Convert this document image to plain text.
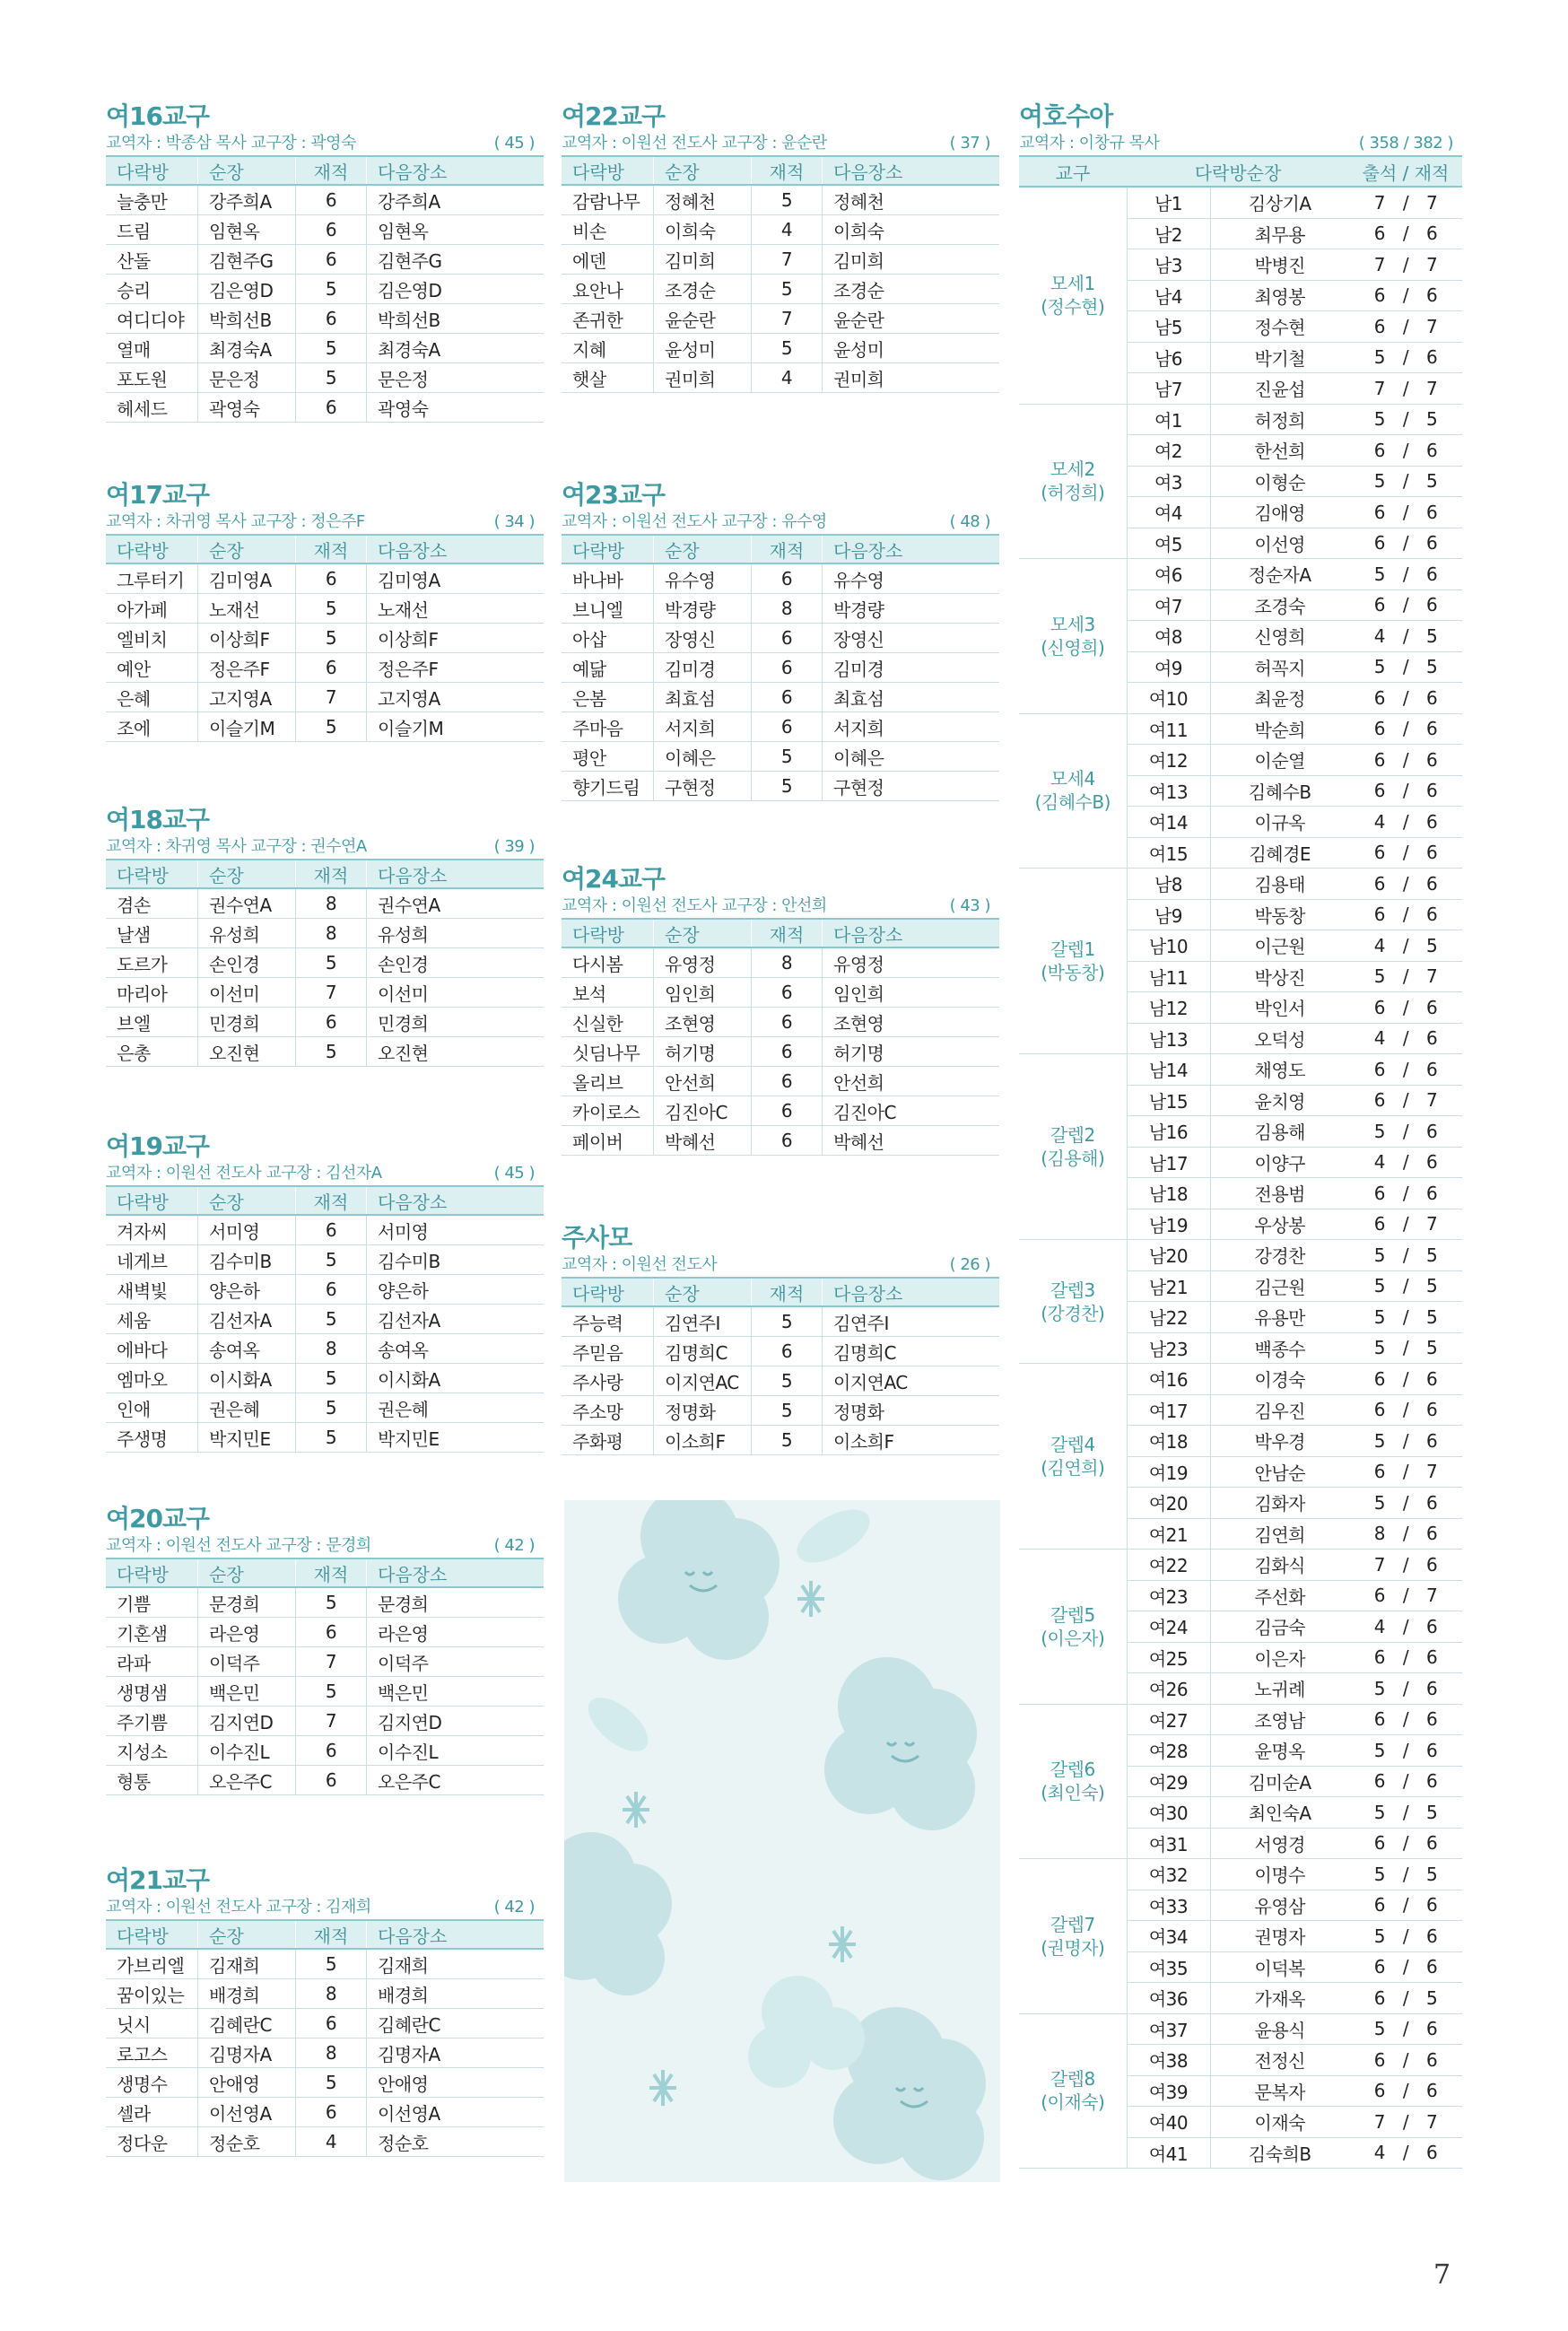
여16교구
교역자 : 박종삼 목사 교구장 : 곽영숙	( 45 )
다락방	순장	재적	다음장소
늘충만	강주희A	6	강주희A
드림	임현옥	6	임현옥
산돌	김현주G	6	김현주G
승리	김은영D	5	김은영D
여디디야	박희선B	6	박희선B
열매	최경숙A	5	최경숙A
포도원	문은정	5	문은정
헤세드	곽영숙	6	곽영숙
여17교구
교역자 : 차귀영 목사 교구장 : 정은주F	( 34 )
다락방	순장	재적	다음장소
그루터기	김미영A	6	김미영A
아가페	노재선	5	노재선
엘비치	이상희F	5	이상희F
예안	정은주F	6	정은주F
은혜	고지영A	7	고지영A
조에	이슬기M	5	이슬기M
여18교구
교역자 : 차귀영 목사 교구장 : 권수연A	( 39 )
다락방	순장	재적	다음장소
겸손	권수연A	8	권수연A
날샘	유성희	8	유성희
도르가	손인경	5	손인경
마리아	이선미	7	이선미
브엘	민경희	6	민경희
은총	오진현	5	오진현
여19교구
교역자 : 이원선 전도사 교구장 : 김선자A	( 45 )
다락방	순장	재적	다음장소
겨자씨	서미영	6	서미영
네게브	김수미B	5	김수미B
새벽빛	양은하	6	양은하
세움	김선자A	5	김선자A
에바다	송여옥	8	송여옥
엠마오	이시화A	5	이시화A
인애	권은혜	5	권은혜
주생명	박지민E	5	박지민E
여20교구
교역자 : 이원선 전도사 교구장 : 문경희	( 42 )
다락방	순장	재적	다음장소
기쁨	문경희	5	문경희
기혼샘	라은영	6	라은영
라파	이덕주	7	이덕주
생명샘	백은민	5	백은민
주기쁨	김지연D	7	김지연D
지성소	이수진L	6	이수진L
형통	오은주C	6	오은주C
여21교구
교역자 : 이원선 전도사 교구장 : 김재희	( 42 )
다락방	순장	재적	다음장소
가브리엘	김재희	5	김재희
꿈이있는	배경희	8	배경희
닛시	김혜란C	6	김혜란C
로고스	김명자A	8	김명자A
생명수	안애영	5	안애영
셀라	이선영A	6	이선영A
정다운	정순호	4	정순호
여22교구
교역자 : 이원선 전도사 교구장 : 윤순란	( 37 )
다락방	순장	재적	다음장소
감람나무	정혜천	5	정혜천
비손	이희숙	4	이희숙
에덴	김미희	7	김미희
요안나	조경순	5	조경순
존귀한	윤순란	7	윤순란
지혜	윤성미	5	윤성미
햇살	권미희	4	권미희
여23교구
교역자 : 이원선 전도사 교구장 : 유수영	( 48 )
다락방	순장	재적	다음장소
바나바	유수영	6	유수영
브니엘	박경량	8	박경량
아삽	장영신	6	장영신
예닮	김미경	6	김미경
은봄	최효섬	6	최효섬
주마음	서지희	6	서지희
평안	이혜은	5	이혜은
향기드림	구현정	5	구현정
여24교구
교역자 : 이원선 전도사 교구장 : 안선희	( 43 )
다락방	순장	재적	다음장소
다시봄	유영정	8	유영정
보석	임인희	6	임인희
신실한	조현영	6	조현영
싯딤나무	허기명	6	허기명
올리브	안선희	6	안선희
카이로스	김진아C	6	김진아C
페이버	박혜선	6	박혜선
주사모
교역자 : 이원선 전도사	( 26 )
다락방	순장	재적	다음장소
주능력	김연주I	5	김연주I
주믿음	김명희C	6	김명희C
주사랑	이지연AC	5	이지연AC
주소망	정명화	5	정명화
주화평	이소희F	5	이소희F
여호수아
교역자 : 이창규 목사	( 358 / 382 )
교구	다락방순장		출석 / 재적

모세1
(정수현)	남1	김상기A	7 / 7
	남2	최무용	6 / 6
	남3	박병진	7 / 7
	남4	최영봉	6 / 6
	남5	정수현	6 / 7
	남6	박기철	5 / 6
	남7	진윤섭	7 / 7

모세2
(허정희)	여1	허정희	5 / 5
	여2	한선희	6 / 6
	여3	이형순	5 / 5
	여4	김애영	6 / 6
	여5	이선영	6 / 6

모세3
(신영희)	여6	정순자A	5 / 6
	여7	조경숙	6 / 6
	여8	신영희	4 / 5
	여9	허꼭지	5 / 5
	여10	최윤정	6 / 6

모세4
(김혜수B)	여11	박순희	6 / 6
	여12	이순열	6 / 6
	여13	김혜수B	6 / 6
	여14	이규옥	4 / 6
	여15	김혜경E	6 / 6

갈렙1
(박동창)	남8	김용태	6 / 6
	남9	박동창	6 / 6
	남10	이근원	4 / 5
	남11	박상진	5 / 7
	남12	박인서	6 / 6
	남13	오덕성	4 / 6

갈렙2
(김용해)	남14	채영도	6 / 6
	남15	윤치영	6 / 7
	남16	김용해	5 / 6
	남17	이양구	4 / 6
	남18	전용범	6 / 6
	남19	우상봉	6 / 7

갈렙3
(강경찬)	남20	강경찬	5 / 5
	남21	김근원	5 / 5
	남22	유용만	5 / 5
	남23	백종수	5 / 5

갈렙4
(김연희)	여16	이경숙	6 / 6
	여17	김우진	6 / 6
	여18	박우경	5 / 6
	여19	안남순	6 / 7
	여20	김화자	5 / 6
	여21	김연희	8 / 6

갈렙5
(이은자)	여22	김화식	7 / 6
	여23	주선화	6 / 7
	여24	김금숙	4 / 6
	여25	이은자	6 / 6
	여26	노귀례	5 / 6

갈렙6
(최인숙)	여27	조영남	6 / 6
	여28	윤명옥	5 / 6
	여29	김미순A	6 / 6
	여30	최인숙A	5 / 5
	여31	서영경	6 / 6

갈렙7
(권명자)	여32	이명수	5 / 5
	여33	유영삼	6 / 6
	여34	권명자	5 / 6
	여35	이덕복	6 / 6
	여36	가재옥	6 / 5

갈렙8
(이재숙)	여37	윤용식	5 / 6
	여38	전정신	6 / 6
	여39	문복자	6 / 6
	여40	이재숙	7 / 7
	여41	김숙희B	4 / 6
7
